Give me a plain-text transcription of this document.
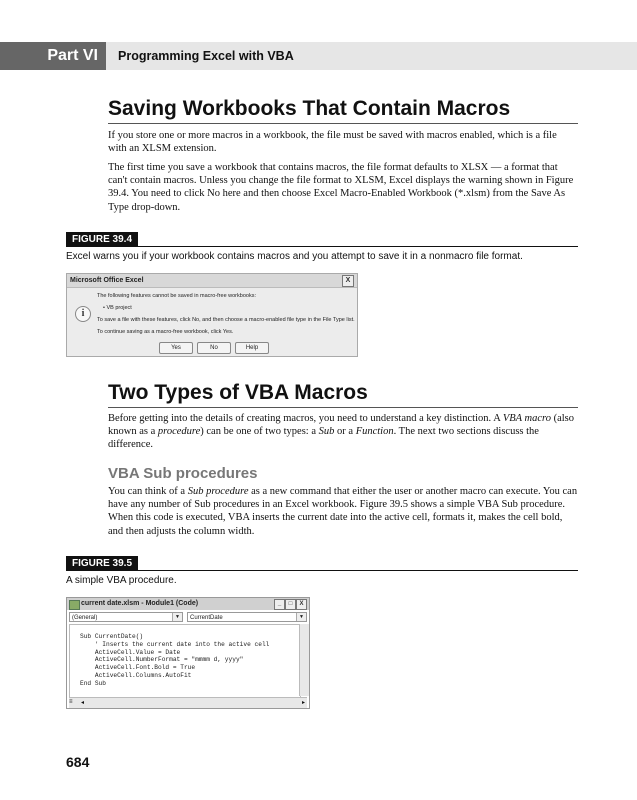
Part VI	Programming Excel with VBA
Saving Workbooks That Contain Macros

If you store one or more macros in a workbook, the file must be saved with macros enabled, which is a file with an XLSM extension.

The first time you save a workbook that contains macros, the file format defaults to XLSX — a format that can't contain macros. Unless you change the file format to XLSM, Excel displays the warning shown in Figure 39.4. You need to click No here and then choose Excel Macro-Enabled Workbook (*.xlsm) from the Save As Type drop-down.

FIGURE 39.4
Excel warns you if your workbook contains macros and you attempt to save it in a nonmacro file format.
Microsoft Office Excel	X
i
The following features cannot be saved in macro-free workbooks:
• VB project
To save a file with these features, click No, and then choose a macro-enabled file type in the File Type list.
To continue saving as a macro-free workbook, click Yes.
Yes	No	Help
Two Types of VBA Macros

Before getting into the details of creating macros, you need to understand a key distinction. A VBA macro (also known as a procedure) can be one of two types: a Sub or a Function. The next two sections discuss the difference.

VBA Sub procedures

You can think of a Sub procedure as a new command that either the user or another macro can execute. You can have any number of Sub procedures in an Excel workbook. Figure 39.5 shows a simple VBA Sub procedure. When this code is executed, VBA inserts the current date into the active cell, formats it, makes the cell bold, and then adjusts the column width.

FIGURE 39.5
A simple VBA procedure.
current date.xlsm - Module1 (Code)	_	□	X
(General)	▼	CurrentDate	▼
Sub CurrentDate()
' Inserts the current date into the active cell
ActiveCell.Value = Date
ActiveCell.NumberFormat = "mmmm d, yyyy"
ActiveCell.Font.Bold = True
ActiveCell.Columns.AutoFit
End Sub
≡ ◂	▸
684
